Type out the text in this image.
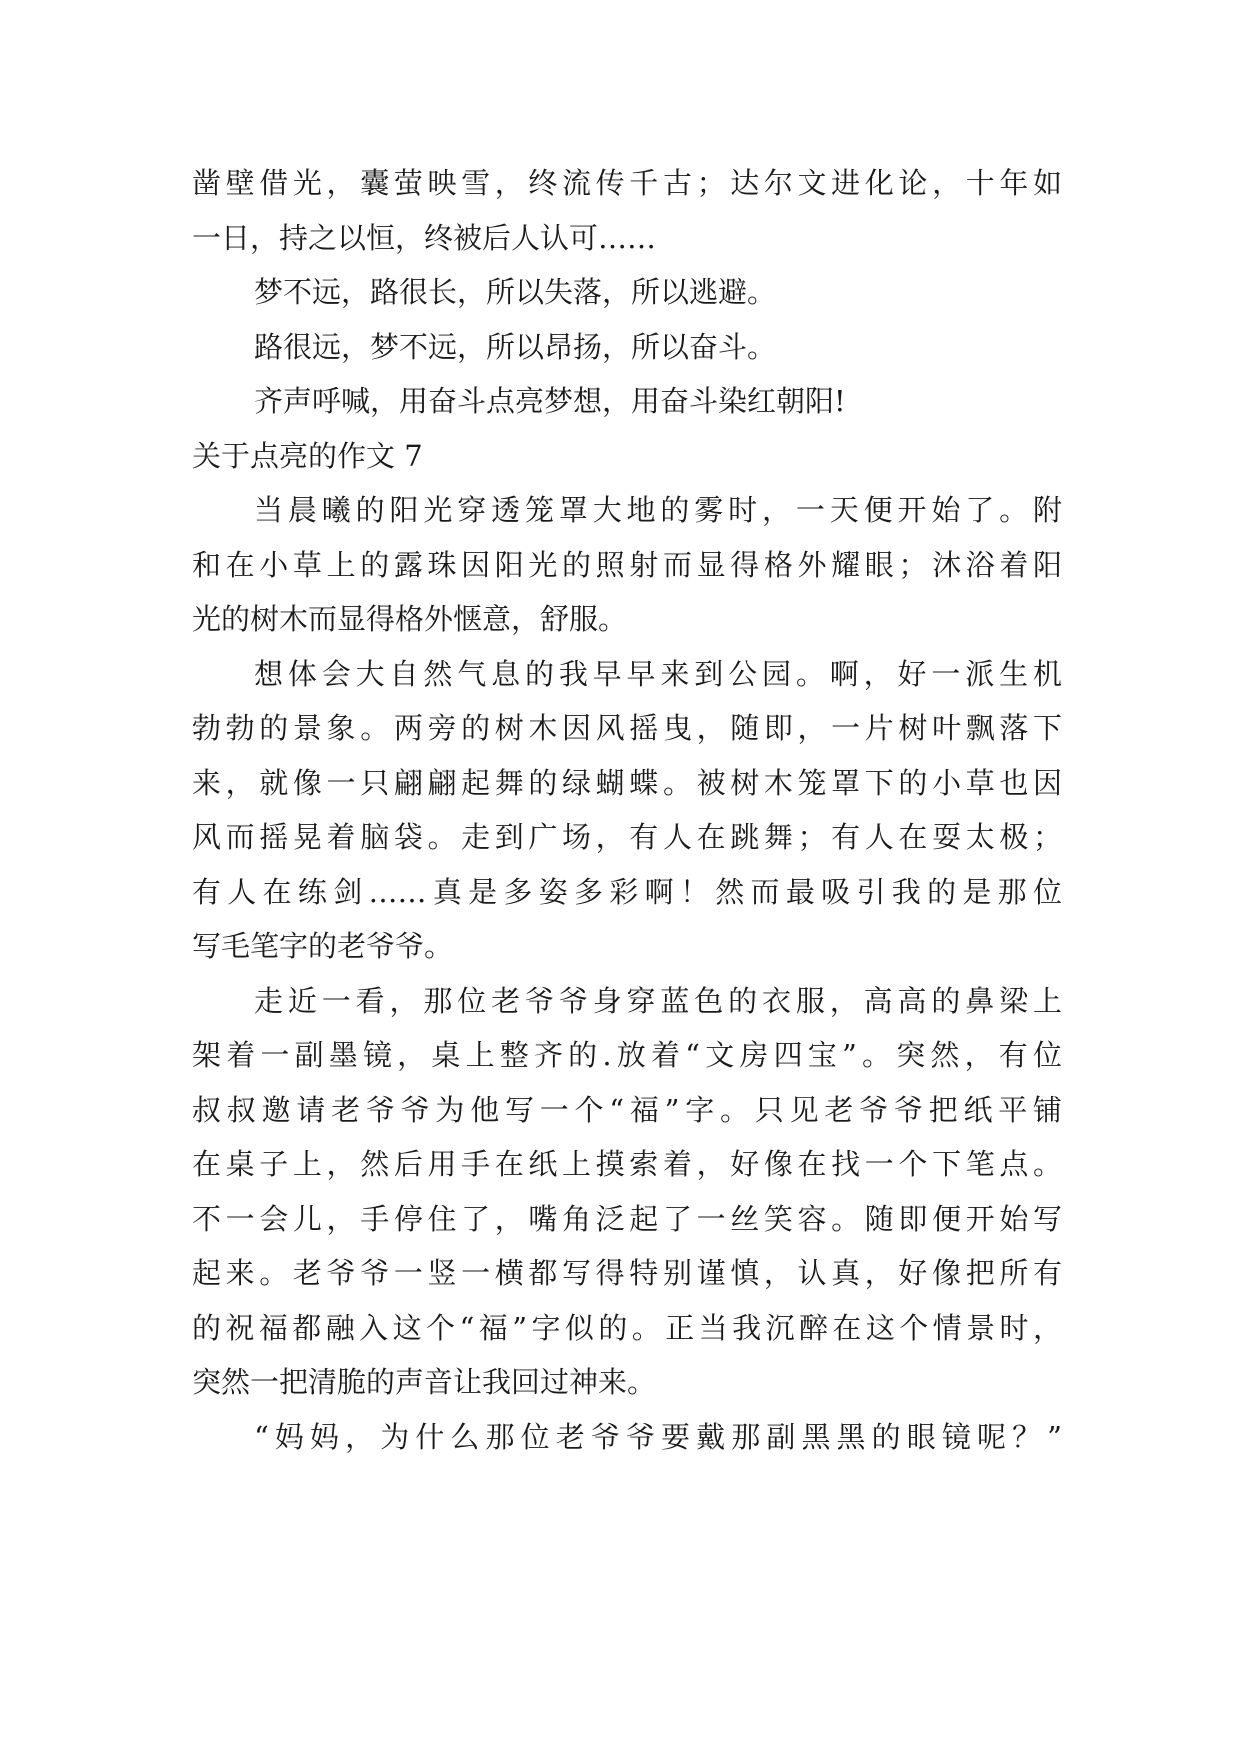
凿壁借光，囊萤映雪，终流传千古；达尔文进化论，十年如
一日，持之以恒，终被后人认可……
梦不远，路很长，所以失落，所以逃避。
路很远，梦不远，所以昂扬，所以奋斗。
齐声呼喊，用奋斗点亮梦想，用奋斗染红朝阳!
关于点亮的作文 7
当晨曦的阳光穿透笼罩大地的雾时，一天便开始了。附
和在小草上的露珠因阳光的照射而显得格外耀眼；沐浴着阳
光的树木而显得格外惬意，舒服。
想体会大自然气息的我早早来到公园。啊，好一派生机
勃勃的景象。两旁的树木因风摇曳，随即，一片树叶飘落下
来，就像一只翩翩起舞的绿蝴蝶。被树木笼罩下的小草也因
风而摇晃着脑袋。走到广场，有人在跳舞；有人在耍太极；
有人在练剑……真是多姿多彩啊！然而最吸引我的是那位
写毛笔字的老爷爷。
走近一看，那位老爷爷身穿蓝色的衣服，高高的鼻梁上
架着一副墨镜，桌上整齐的.放着“文房四宝”。突然，有位
叔叔邀请老爷爷为他写一个“福”字。只见老爷爷把纸平铺
在桌子上，然后用手在纸上摸索着，好像在找一个下笔点。
不一会儿，手停住了，嘴角泛起了一丝笑容。随即便开始写
起来。老爷爷一竖一横都写得特别谨慎，认真，好像把所有
的祝福都融入这个“福”字似的。正当我沉醉在这个情景时，
突然一把清脆的声音让我回过神来。
“妈妈，为什么那位老爷爷要戴那副黑黑的眼镜呢？”
